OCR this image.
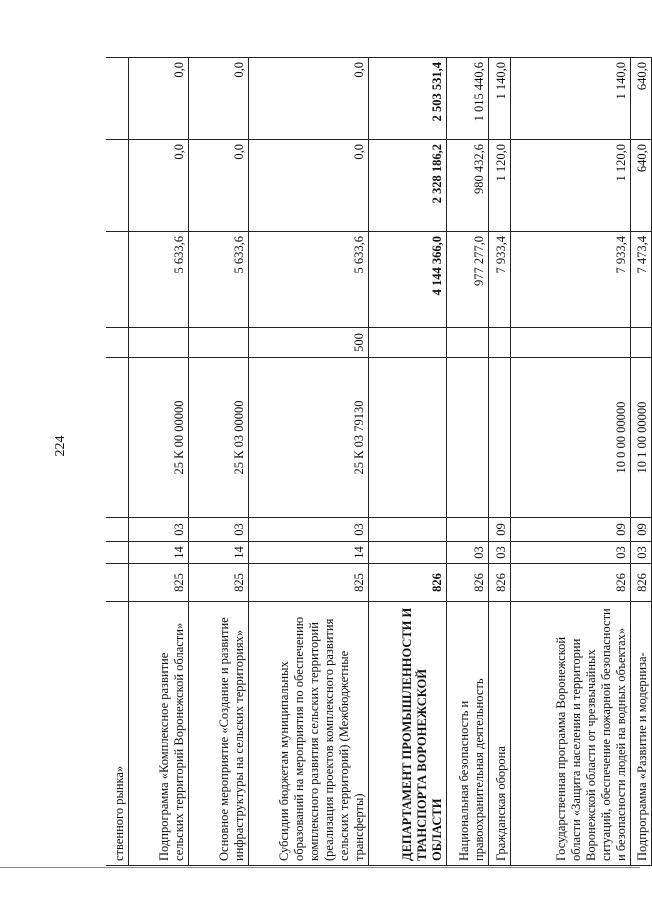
224
ственного рынка»								
Подпрограмма «Комплексное развитие сельских территорий Воронежской области»	825	14	03	25 К 00 00000		5 633,6	0,0	0,0
Основное мероприятие «Создание и развитие инфраструктуры на сельских территориях»	825	14	03	25 К 03 00000		5 633,6	0,0	0,0
Субсидии бюджетам муниципальных образований на мероприятия по обеспечению комплексного развития сельских территорий (реализация проектов комплексного развития сельских территорий) (Межбюджетные трансферты)	825	14	03	25 К 03 79130	500	5 633,6	0,0	0,0
ДЕПАРТАМЕНТ ПРОМЫШЛЕННОСТИ И ТРАНСПОРТА ВОРОНЕЖСКОЙ ОБЛАСТИ	826					4 144 366,0	2 328 186,2	2 503 531,4
Национальная безопасность и правоохранительная деятельность	826	03				977 277,0	980 432,6	1 015 440,6
Гражданская оборона	826	03	09			7 933,4	1 120,0	1 140,0
Государственная программа Воронежской области «Защита населения и территории Воронежской области от чрезвычайных ситуаций, обеспечение пожарной безопасности и безопасности людей на водных объектах»	826	03	09	10 0 00 00000		7 933,4	1 120,0	1 140,0
Подпрограмма «Развитие и модерниза-	826	03	09	10 1 00 00000		7 473,4	640,0	640,0
